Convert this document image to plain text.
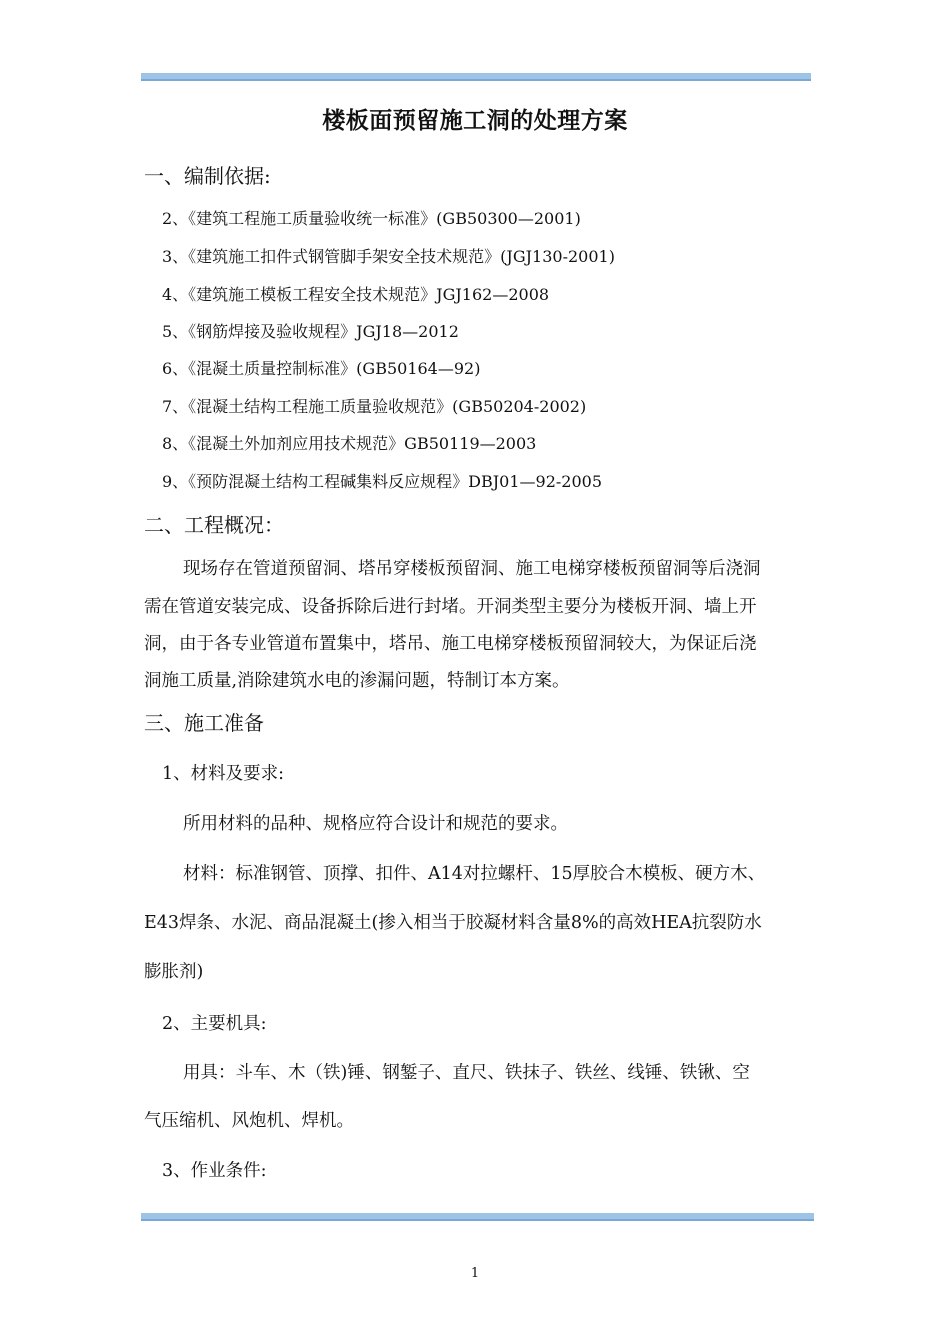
楼板面预留施工洞的处理方案
一、编制依据:
2、《建筑工程施工质量验收统一标准》(GB50300—2001)
3、《建筑施工扣件式钢管脚手架安全技术规范》(JGJ130-2001)
4、《建筑施工模板工程安全技术规范》JGJ162—2008
5、《钢筋焊接及验收规程》JGJ18—2012
6、《混凝土质量控制标准》(GB50164—92)
7、《混凝土结构工程施工质量验收规范》(GB50204-2002)
8、《混凝土外加剂应用技术规范》GB50119—2003
9、《预防混凝土结构工程碱集料反应规程》DBJ01—92-2005
二、工程概况：
现场存在管道预留洞、塔吊穿楼板预留洞、施工电梯穿楼板预留洞等后浇洞
需在管道安装完成、设备拆除后进行封堵。开洞类型主要分为楼板开洞、墙上开
洞，由于各专业管道布置集中，塔吊、施工电梯穿楼板预留洞较大，为保证后浇
洞施工质量,消除建筑水电的渗漏问题，特制订本方案。
三、施工准备
1、材料及要求:
所用材料的品种、规格应符合设计和规范的要求。
材料：标准钢管、顶撑、扣件、A14对拉螺杆、15厚胶合木模板、硬方木、
E43焊条、水泥、商品混凝土(掺入相当于胶凝材料含量8%的高效HEA抗裂防水
膨胀剂)
2、主要机具:
用具：斗车、木（铁)锤、钢錾子、直尺、铁抹子、铁丝、线锤、铁锹、空
气压缩机、风炮机、焊机。
3、作业条件:
1
